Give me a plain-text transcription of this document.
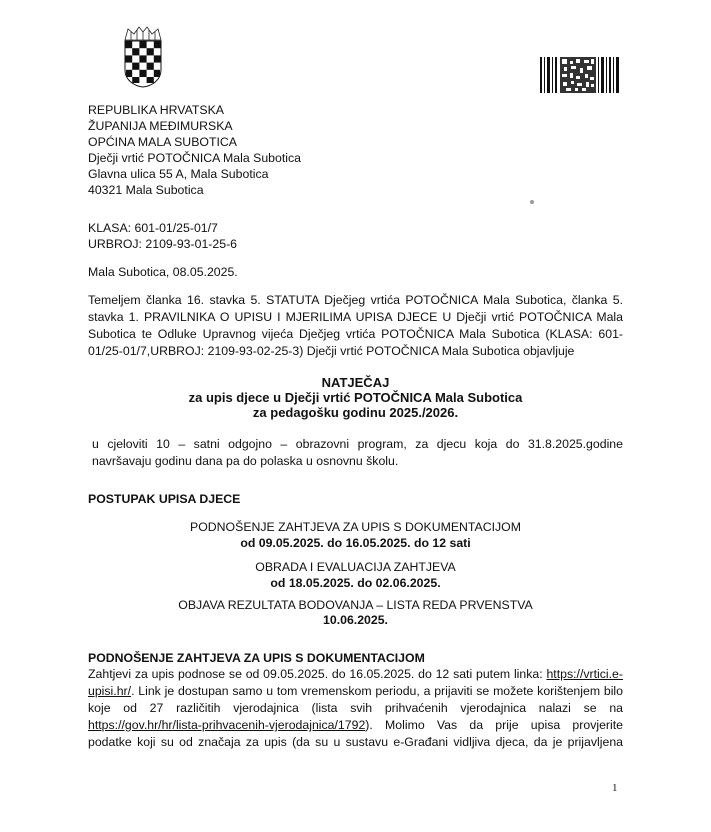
REPUBLIKA HRVATSKA
ŽUPANIJA MEĐIMURSKA
OPĆINA MALA SUBOTICA
Dječji vrtić POTOČNICA Mala Subotica
Glavna ulica 55 A, Mala Subotica
40321 Mala Subotica
KLASA: 601-01/25-01/7
URBROJ: 2109-93-01-25-6
Mala Subotica, 08.05.2025.
Temeljem članka 16. stavka 5. STATUTA Dječjeg vrtića POTOČNICA Mala Subotica, članka 5.
stavka 1. PRAVILNIKA O UPISU I MJERILIMA UPISA DJECE U Dječji vrtić POTOČNICA Mala
Subotica te Odluke Upravnog vijeća Dječjeg vrtića POTOČNICA Mala Subotica (KLASA: 601-
01/25-01/7,URBROJ: 2109-93-02-25-3) Dječji vrtić POTOČNICA Mala Subotica objavljuje
NATJEČAJ
za upis djece u Dječji vrtić POTOČNICA Mala Subotica
za pedagošku godinu 2025./2026.
u cjeloviti 10 – satni odgojno – obrazovni program, za djecu koja do 31.8.2025.godine
navršavaju godinu dana pa do polaska u osnovnu školu.
POSTUPAK UPISA DJECE
PODNOŠENJE ZAHTJEVA ZA UPIS S DOKUMENTACIJOM
od 09.05.2025. do 16.05.2025. do 12 sati
OBRADA I EVALUACIJA ZAHTJEVA
od 18.05.2025. do 02.06.2025.
OBJAVA REZULTATA BODOVANJA – LISTA REDA PRVENSTVA
10.06.2025.
PODNOŠENJE ZAHTJEVA ZA UPIS S DOKUMENTACIJOM
Zahtjevi za upis podnose se od 09.05.2025. do 16.05.2025. do 12 sati putem linka: https://vrtici.e-
upisi.hr/. Link je dostupan samo u tom vremenskom periodu, a prijaviti se možete korištenjem bilo
koje od 27 različitih vjerodajnica (lista svih prihvaćenih vjerodajnica nalazi se na
https://gov.hr/hr/lista-prihvacenih-vjerodajnica/1792). Molimo Vas da prije upisa provjerite
podatke koji su od značaja za upis (da su u sustavu e-Građani vidljiva djeca, da je prijavljena
1
